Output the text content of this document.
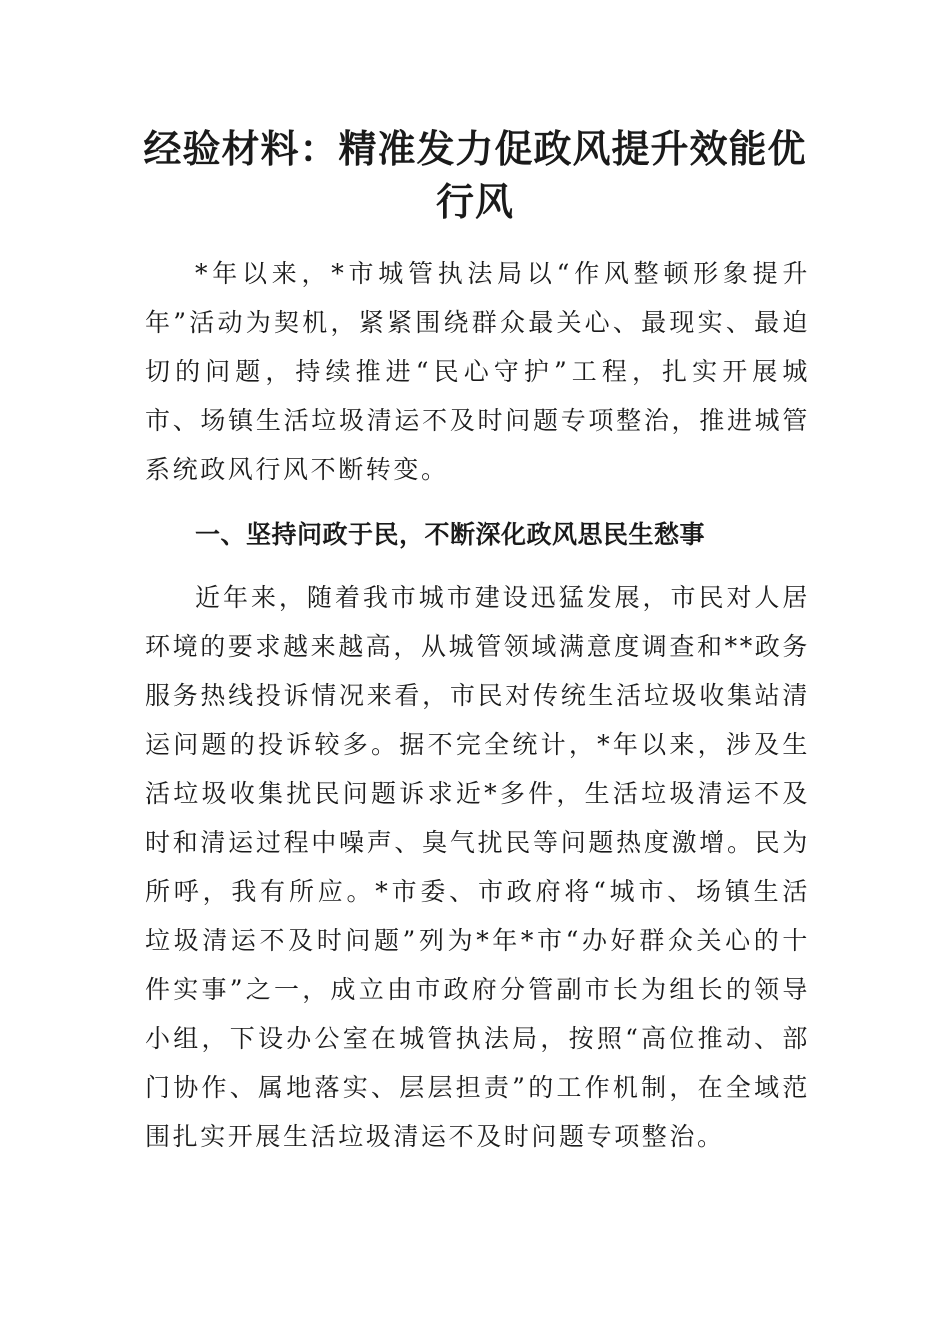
经验材料：精准发力促政风提升效能优行风

*年以来，*市城管执法局以“作风整顿形象提升年”活动为契机，紧紧围绕群众最关心、最现实、最迫切的问题，持续推进“民心守护”工程，扎实开展城市、场镇生活垃圾清运不及时问题专项整治，推进城管系统政风行风不断转变。

一、坚持问政于民，不断深化政风思民生愁事

近年来，随着我市城市建设迅猛发展，市民对人居环境的要求越来越高，从城管领域满意度调查和**政务服务热线投诉情况来看，市民对传统生活垃圾收集站清运问题的投诉较多。据不完全统计，*年以来，涉及生活垃圾收集扰民问题诉求近*多件，生活垃圾清运不及时和清运过程中噪声、臭气扰民等问题热度激增。民为所呼，我有所应。*市委、市政府将“城市、场镇生活垃圾清运不及时问题”列为*年*市“办好群众关心的十件实事”之一，成立由市政府分管副市长为组长的领导小组，下设办公室在城管执法局，按照“高位推动、部门协作、属地落实、层层担责”的工作机制，在全域范围扎实开展生活垃圾清运不及时问题专项整治。
